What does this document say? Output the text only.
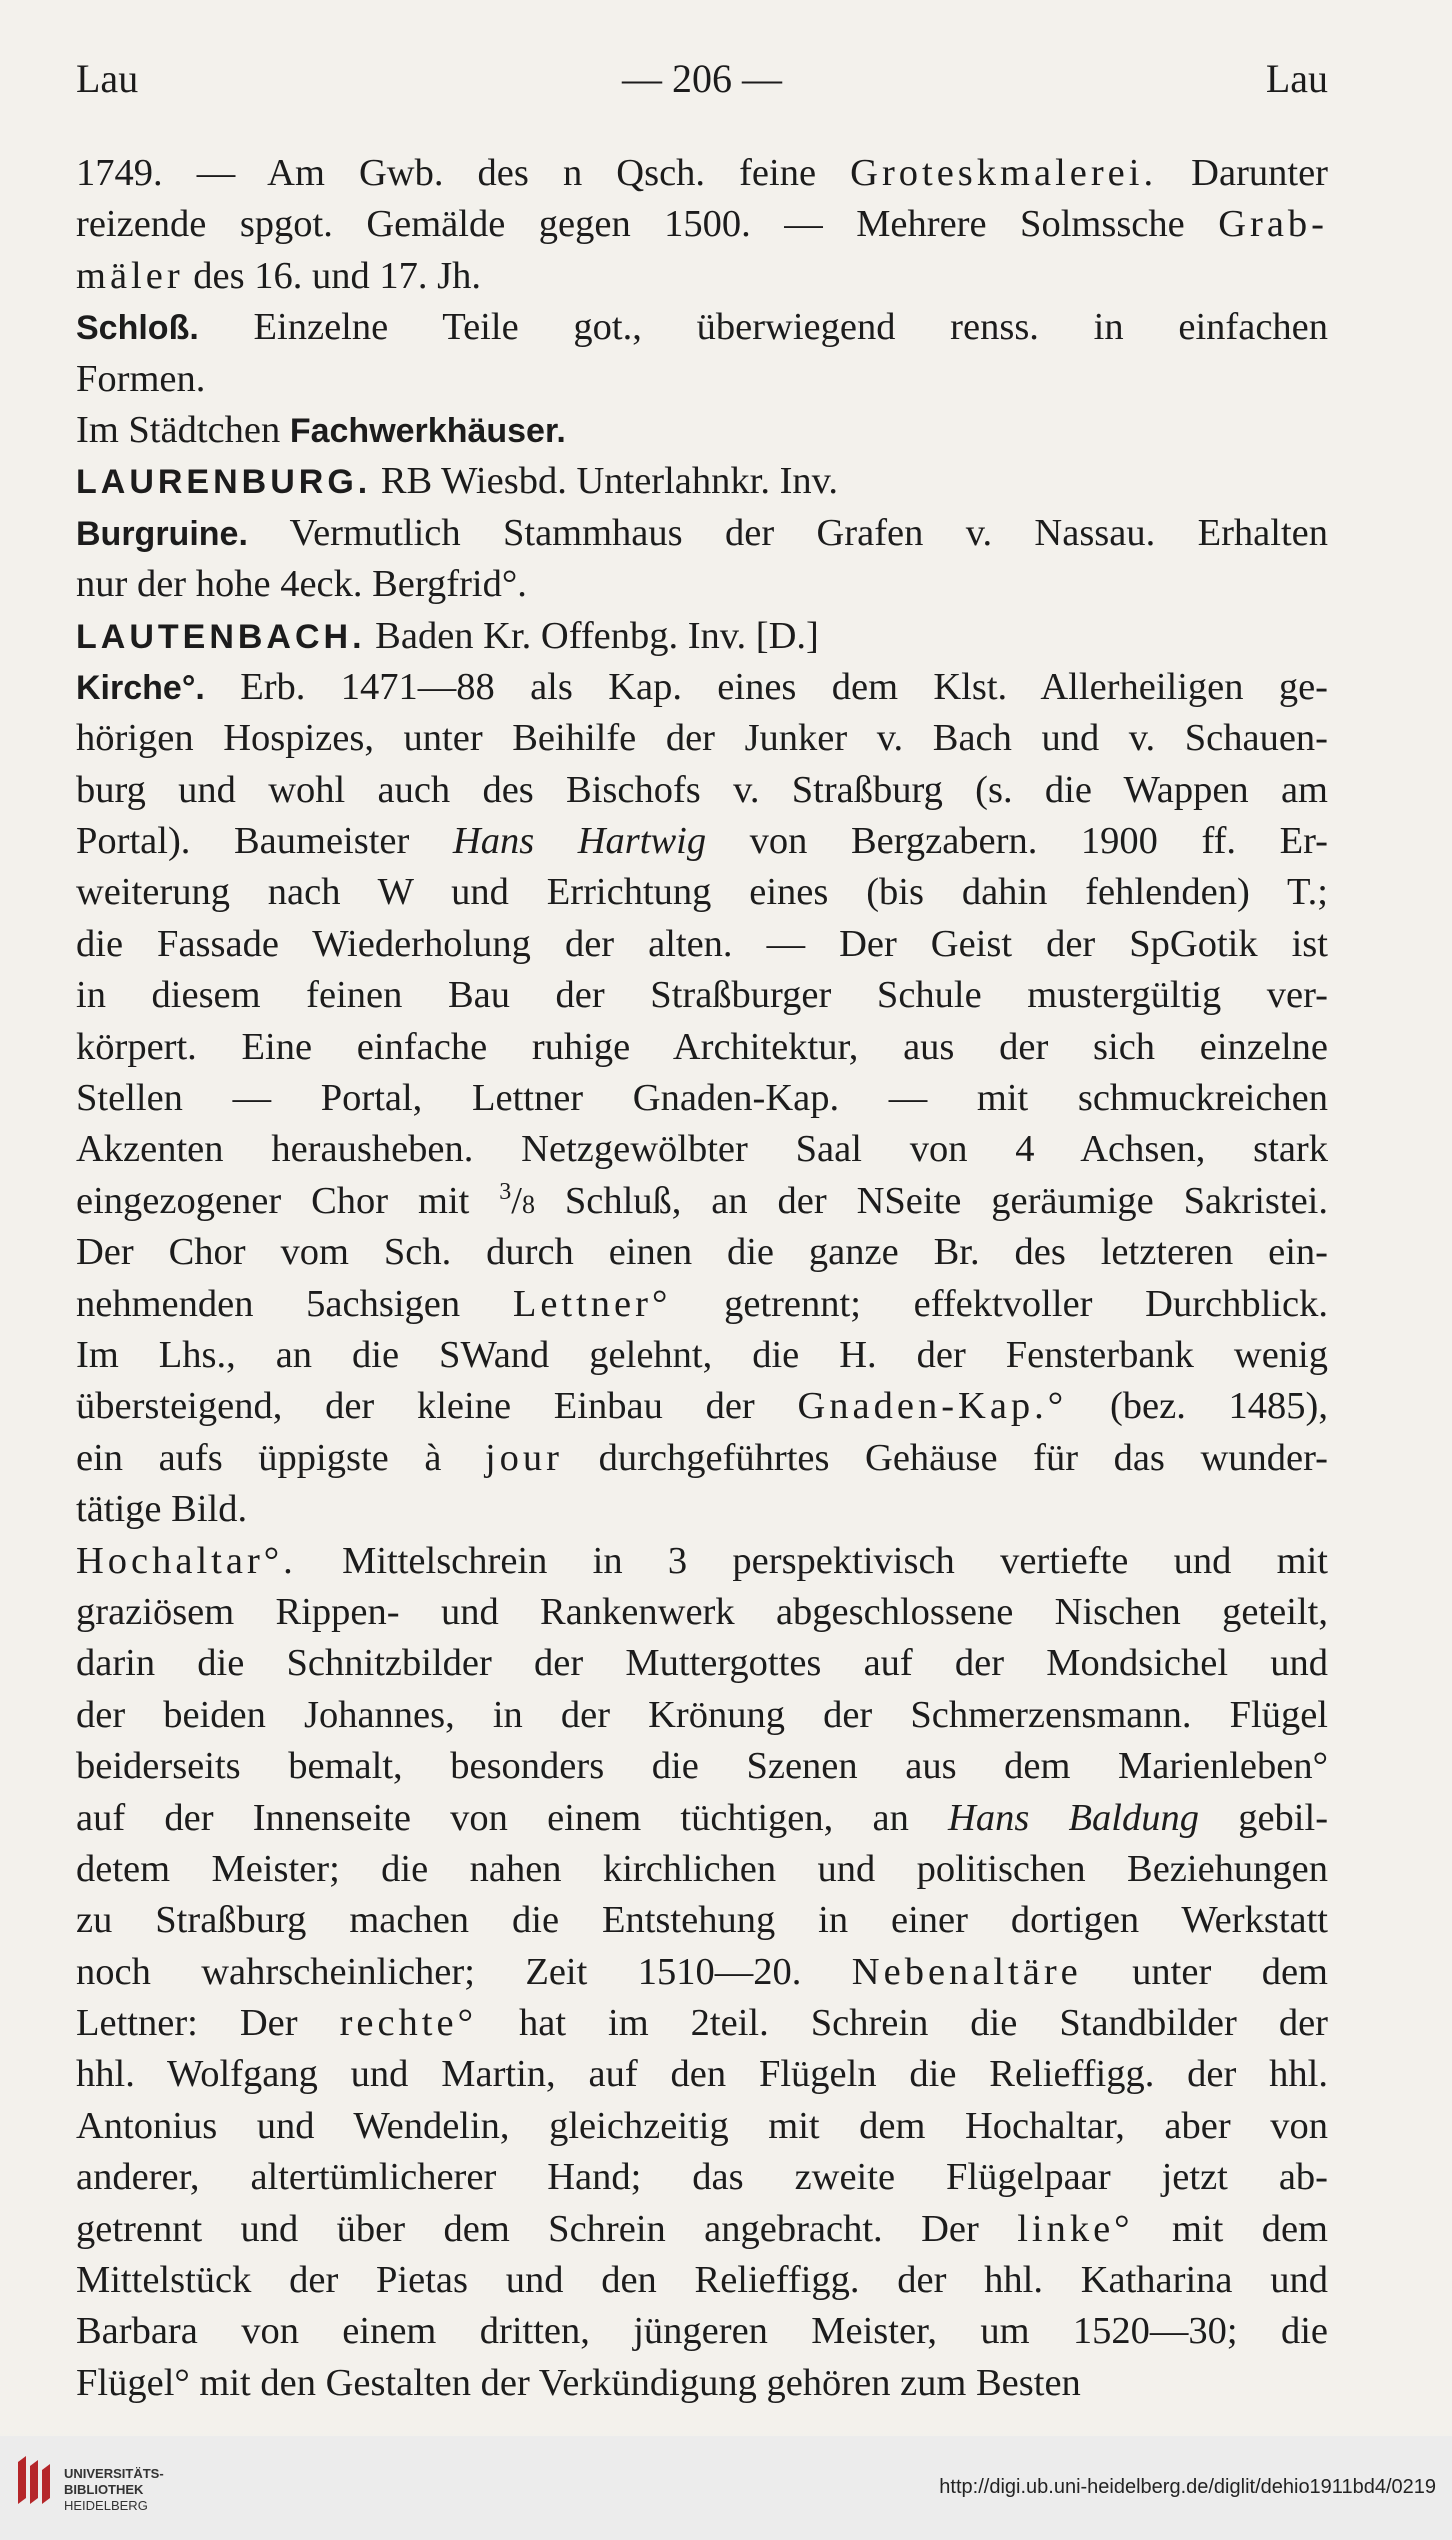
Lau	— 206 —	Lau
1749. — Am Gwb. des n Qsch. feine Groteskmalerei. Darunter
reizende spgot. Gemälde gegen 1500. — Mehrere Solmssche Grab-
mäler des 16. und 17. Jh.
Schloß. Einzelne Teile got., überwiegend renss. in einfachen
Formen.
Im Städtchen Fachwerkhäuser.
LAURENBURG. RB Wiesbd. Unterlahnkr. Inv.
Burgruine. Vermutlich Stammhaus der Grafen v. Nassau. Erhalten
nur der hohe 4eck. Bergfrid°.
LAUTENBACH. Baden Kr. Offenbg. Inv. [D.]
Kirche°. Erb. 1471—88 als Kap. eines dem Klst. Allerheiligen ge-
hörigen Hospizes, unter Beihilfe der Junker v. Bach und v. Schauen-
burg und wohl auch des Bischofs v. Straßburg (s. die Wappen am
Portal). Baumeister Hans Hartwig von Bergzabern. 1900 ff. Er-
weiterung nach W und Errichtung eines (bis dahin fehlenden) T.;
die Fassade Wiederholung der alten. — Der Geist der SpGotik ist
in diesem feinen Bau der Straßburger Schule mustergültig ver-
körpert. Eine einfache ruhige Architektur, aus der sich einzelne
Stellen — Portal, Lettner Gnaden-Kap. — mit schmuckreichen
Akzenten herausheben. Netzgewölbter Saal von 4 Achsen, stark
eingezogener Chor mit $^3$/8 Schluß, an der NSeite geräumige Sakristei.
Der Chor vom Sch. durch einen die ganze Br. des letzteren ein-
nehmenden 5achsigen Lettner° getrennt; effektvoller Durchblick.
Im Lhs., an die SWand gelehnt, die H. der Fensterbank wenig
übersteigend, der kleine Einbau der Gnaden-Kap.° (bez. 1485),
ein aufs üppigste à jour durchgeführtes Gehäuse für das wunder-
tätige Bild.
Hochaltar°. Mittelschrein in 3 perspektivisch vertiefte und mit
graziösem Rippen- und Rankenwerk abgeschlossene Nischen geteilt,
darin die Schnitzbilder der Muttergottes auf der Mondsichel und
der beiden Johannes, in der Krönung der Schmerzensmann. Flügel
beiderseits bemalt, besonders die Szenen aus dem Marienleben°
auf der Innenseite von einem tüchtigen, an Hans Baldung gebil-
detem Meister; die nahen kirchlichen und politischen Beziehungen
zu Straßburg machen die Entstehung in einer dortigen Werkstatt
noch wahrscheinlicher; Zeit 1510—20. Nebenaltäre unter dem
Lettner: Der rechte° hat im 2teil. Schrein die Standbilder der
hhl. Wolfgang und Martin, auf den Flügeln die Relieffigg. der hhl.
Antonius und Wendelin, gleichzeitig mit dem Hochaltar, aber von
anderer, altertümlicherer Hand; das zweite Flügelpaar jetzt ab-
getrennt und über dem Schrein angebracht. Der linke° mit dem
Mittelstück der Pietas und den Relieffigg. der hhl. Katharina und
Barbara von einem dritten, jüngeren Meister, um 1520—30; die
Flügel° mit den Gestalten der Verkündigung gehören zum Besten
UNIVERSITÄTS-
BIBLIOTHEK
HEIDELBERG
http://digi.ub.uni-heidelberg.de/diglit/dehio1911bd4/0219
